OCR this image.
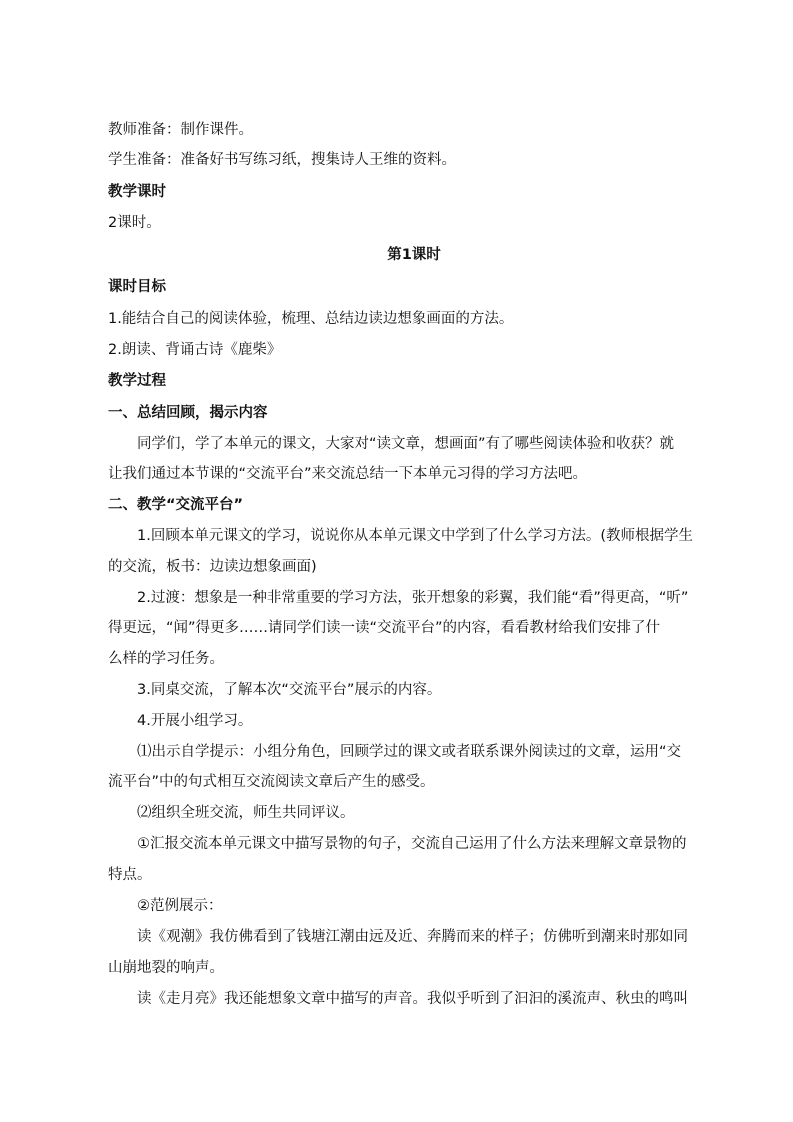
教师准备：制作课件。
学生准备：准备好书写练习纸，搜集诗人王维的资料。
教学课时
2课时。
第1课时
课时目标
1.能结合自己的阅读体验，梳理、总结边读边想象画面的方法。
2.朗读、背诵古诗《鹿柴》
教学过程
一、总结回顾，揭示内容
　　同学们，学了本单元的课文，大家对“读文章，想画面”有了哪些阅读体验和收获？就
让我们通过本节课的“交流平台”来交流总结一下本单元习得的学习方法吧。
二、教学“交流平台”
　　1.回顾本单元课文的学习，说说你从本单元课文中学到了什么学习方法。(教师根据学生
的交流，板书：边读边想象画面)
　　2.过渡：想象是一种非常重要的学习方法，张开想象的彩翼，我们能“看”得更高，“听”
得更远，“闻”得更多……请同学们读一读“交流平台”的内容，看看教材给我们安排了什
么样的学习任务。
　　3.同桌交流，了解本次“交流平台”展示的内容。
　　4.开展小组学习。
　　⑴出示自学提示：小组分角色，回顾学过的课文或者联系课外阅读过的文章，运用“交
流平台”中的句式相互交流阅读文章后产生的感受。
　　⑵组织全班交流，师生共同评议。
　　①汇报交流本单元课文中描写景物的句子，交流自己运用了什么方法来理解文章景物的
特点。
　　②范例展示：
　　读《观潮》我仿佛看到了钱塘江潮由远及近、奔腾而来的样子；仿佛听到潮来时那如同
山崩地裂的响声。
　　读《走月亮》我还能想象文章中描写的声音。我似乎听到了汩汩的溪流声、秋虫的鸣叫
